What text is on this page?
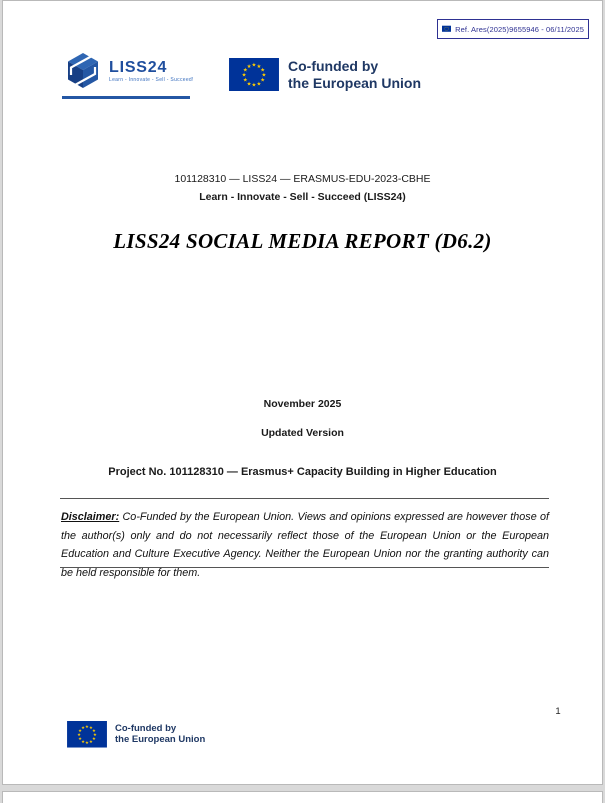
Ref. Ares(2025)9655946 - 06/11/2025
LISS24
Learn - Innovate - Sell - Succeed!
Co-funded by
the European Union
101128310 — LISS24 — ERASMUS-EDU-2023-CBHE
Learn - Innovate - Sell - Succeed (LISS24)
LISS24 SOCIAL MEDIA REPORT (D6.2)
November 2025
Updated Version
Project No. 101128310 — Erasmus+ Capacity Building in Higher Education

Disclaimer: Co-Funded by the European Union. Views and opinions expressed are however those of the author(s) only and do not necessarily reflect those of the European Union or the European Education and Culture Executive Agency. Neither the European Union nor the granting authority can be held responsible for them.

Co-funded by
the European Union
1
